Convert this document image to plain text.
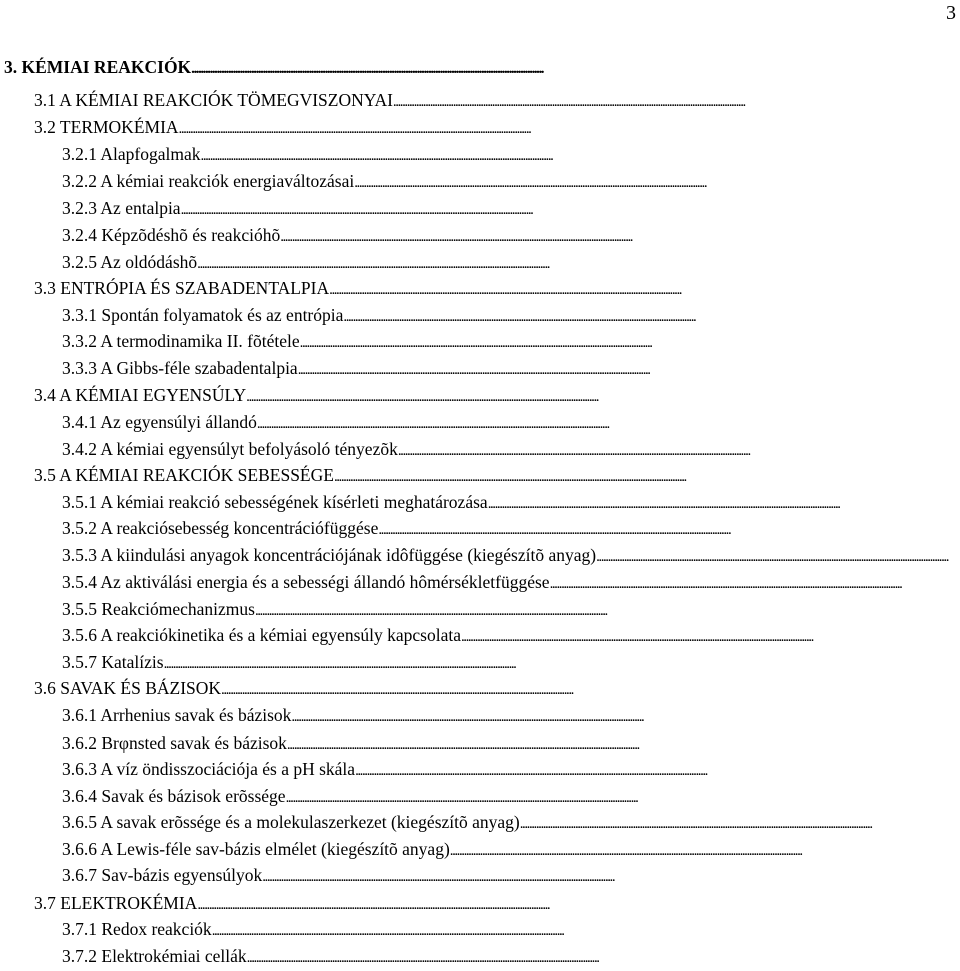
3
3. KÉMIAI REAKCIÓK
. . .
3.1 A KÉMIAI REAKCIÓK TÖMEGVISZONYAI
. . .
3.2 TERMOKÉMIA
. . .
3.2.1 Alapfogalmak
. . .
3.2.2 A kémiai reakciók energiaváltozásai
. . .
3.2.3 Az entalpia
. . .
3.2.4 Képzõdéshõ és reakcióhõ
. . .
3.2.5 Az oldódáshõ
. . .
3.3 ENTRÓPIA ÉS SZABADENTALPIA
. . .
3.3.1 Spontán folyamatok és az entrópia
. . .
3.3.2 A termodinamika II. fõtétele
. . .
3.3.3 A Gibbs-féle szabadentalpia
. . .
3.4 A KÉMIAI EGYENSÚLY
. . .
3.4.1 Az egyensúlyi állandó
. . .
3.4.2 A kémiai egyensúlyt befolyásoló tényezõk
. . .
3.5 A KÉMIAI REAKCIÓK SEBESSÉGE
. . .
3.5.1 A kémiai reakció sebességének kísérleti meghatározása
. . .
3.5.2 A reakciósebesség koncentrációfüggése
. . .
3.5.3 A kiindulási anyagok koncentrációjának idôfüggése (kiegészítõ anyag)
. . .
3.5.4 Az aktiválási energia és a sebességi állandó hômérsékletfüggése
. . .
3.5.5 Reakciómechanizmus
. . .
3.5.6 A reakciókinetika és a kémiai egyensúly kapcsolata
. . .
3.5.7 Katalízis
. . .
3.6 SAVAK ÉS BÁZISOK
. . .
3.6.1 Arrhenius savak és bázisok
. . .
3.6.2 Brφnsted savak és bázisok
. . .
3.6.3 A víz öndisszociációja és a pH skála
. . .
3.6.4 Savak és bázisok erõssége
. . .
3.6.5 A savak erõssége és a molekulaszerkezet (kiegészítõ anyag)
. . .
3.6.6 A Lewis-féle sav-bázis elmélet (kiegészítõ anyag)
. . .
3.6.7 Sav-bázis egyensúlyok
. . .
3.7 ELEKTROKÉMIA
. . .
3.7.1 Redox reakciók
. . .
3.7.2 Elektrokémiai cellák
. . .
